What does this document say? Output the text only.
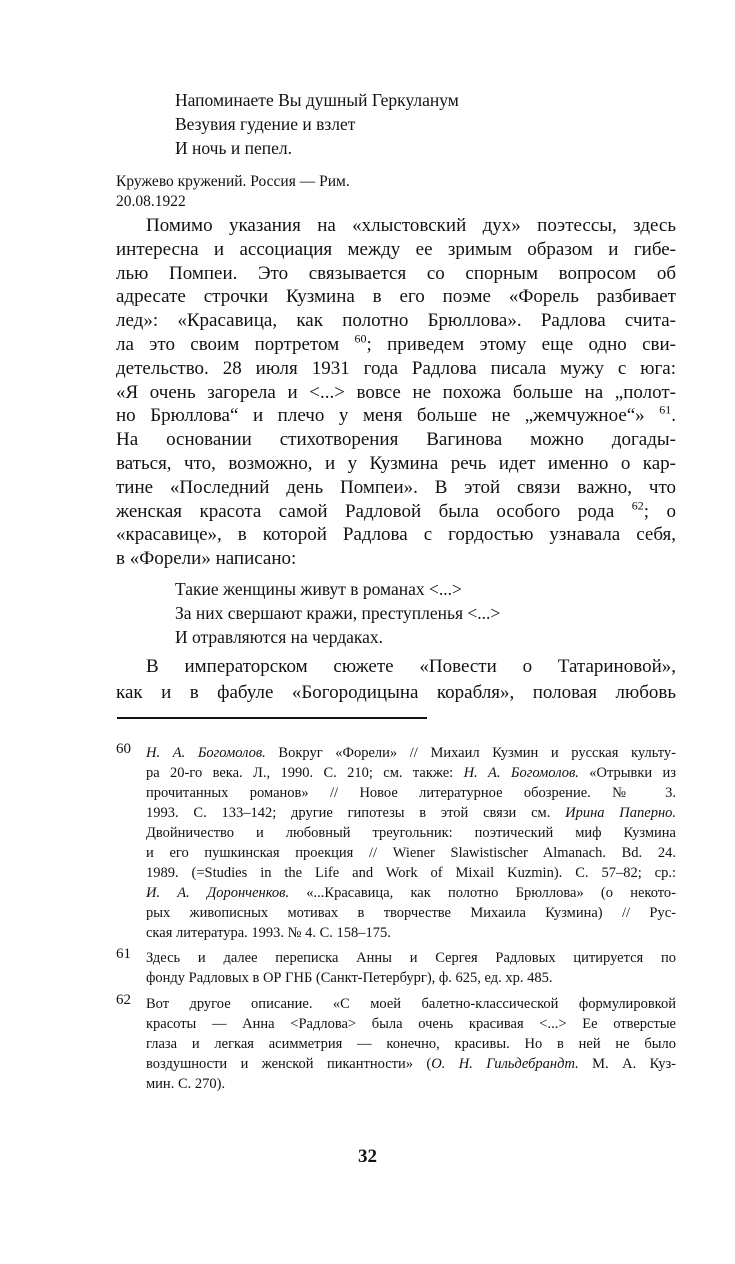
Напоминаете Вы душный Геркуланум
Везувия гудение и взлет
И ночь и пепел.
Кружево кружений. Россия — Рим.
20.08.1922
Помимо указания на «хлыстовский дух» поэтессы, здесь
интересна и ассоциация между ее зримым образом и гибе-
лью Помпеи. Это связывается со спорным вопросом об
адресате строчки Кузмина в его поэме «Форель разбивает
лед»: «Красавица, как полотно Брюллова». Радлова счита-
ла это своим портретом $^{60}$; приведем этому еще одно сви-
детельство. 28 июля 1931 года Радлова писала мужу с юга:
«Я очень загорела и <...> вовсе не похожа больше на „полот-
но Брюллова“ и плечо у меня больше не „жемчужное“» $^{61}$.
На основании стихотворения Вагинова можно догады-
ваться, что, возможно, и у Кузмина речь идет именно о кар-
тине «Последний день Помпеи». В этой связи важно, что
женская красота самой Радловой была особого рода $^{62}$; о
«красавице», в которой Радлова с гордостью узнавала себя,
в «Форели» написано:
Такие женщины живут в романах <...>
За них свершают кражи, преступленья <...>
И отравляются на чердаках.
В императорском сюжете «Повести о Татариновой»,
как и в фабуле «Богородицына корабля», половая любовь
60 Н. А. Богомолов. Вокруг «Форели» // Михаил Кузмин и русская культу-
ра 20-го века. Л., 1990. С. 210; см. также: Н. А. Богомолов. «Отрывки из
прочитанных романов» // Новое литературное обозрение. № 3.
1993. С. 133–142; другие гипотезы в этой связи см. Ирина Паперно.
Двойничество и любовный треугольник: поэтический миф Кузмина
и его пушкинская проекция // Wiener Slawistischer Almanach. Bd. 24.
1989. (=Studies in the Life and Work of Mixail Kuzmin). С. 57–82; ср.:
И. А. Доронченков. «...Красавица, как полотно Брюллова» (о некото-
рых живописных мотивах в творчестве Михаила Кузмина) // Рус-
ская литература. 1993. № 4. С. 158–175.
61 Здесь и далее переписка Анны и Сергея Радловых цитируется по
фонду Радловых в ОР ГНБ (Санкт-Петербург), ф. 625, ед. хр. 485.
62 Вот другое описание. «С моей балетно-классической формулировкой
красоты — Анна <Радлова> была очень красивая <...> Ее отверстые
глаза и легкая асимметрия — конечно, красивы. Но в ней не было
воздушности и женской пикантности» (О. Н. Гильдебрандт. М. А. Куз-
мин. С. 270).
32
